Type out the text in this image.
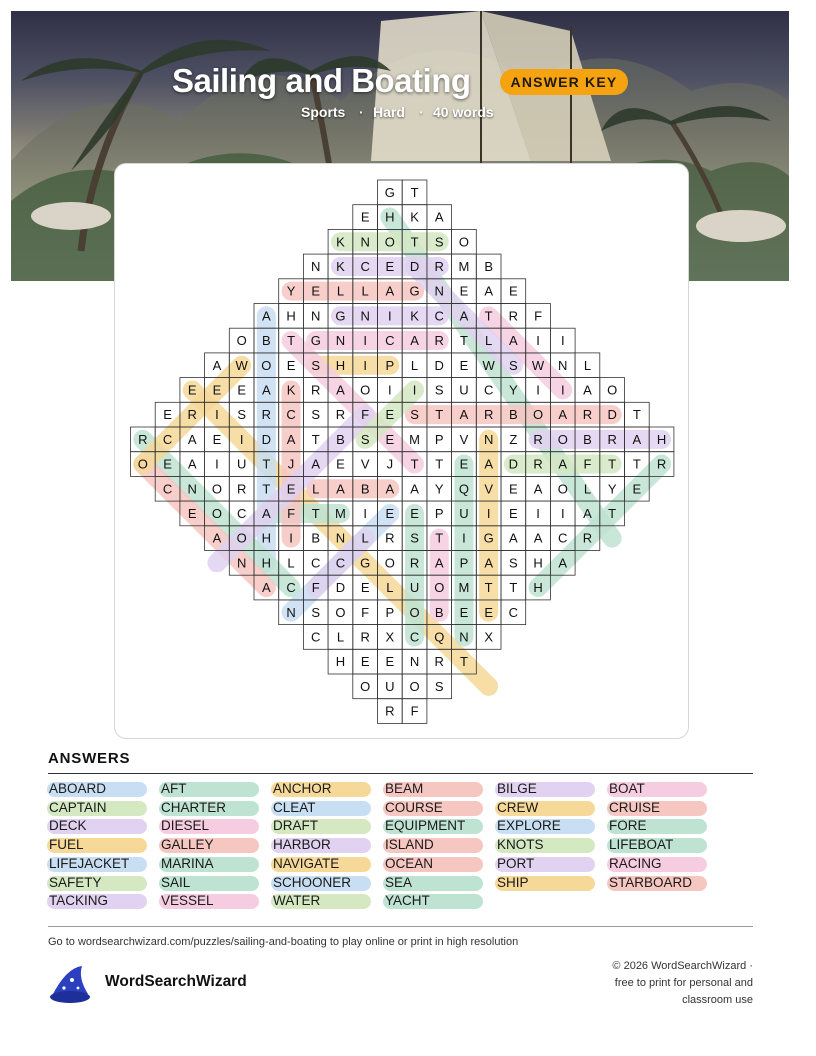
Sailing and Boating	ANSWER KEY
Sports · Hard · 40 words
G T
E H K A
K N O T S O
N K C E D R M B
Y E L L A G N E A E
A H N G N I K C A T R F
O B T G N I C A R T L A I I
A W O E S H I P L D E W S W N L
E E E A K R A O I I S U C Y I I A O
E R I S R C S R F E S T A R B O A R D T
R C A E I D A T B S E M P V N Z R O B R A H
O E A I U T J A E V J T T E A D R A F T T R
C N O R T E L A B A A Y Q V E A O L Y E
E O C A F T M I E E P U I E I I A T
A O H I B N L R S T I G A A C R
N H L C C G O R A P A S H A
A C F D E L U O M T T H
N S O F P O B E E C
C L R X C Q N X
H E E N R T
O U O S
R F
ANSWERS
ABOARD	AFT	ANCHOR	BEAM	BILGE	BOAT
CAPTAIN	CHARTER	CLEAT	COURSE	CREW	CRUISE
DECK	DIESEL	DRAFT	EQUIPMENT EXPLORE	FORE
FUEL	GALLEY	HARBOR	ISLAND	KNOTS	LIFEBOAT
LIFEJACKET MARINA	NAVIGATE	OCEAN	PORT	RACING
SAFETY	SAIL	SCHOONER	SEA	SHIP	STARBOARD
TACKING	VESSEL	WATER	YACHT
Go to wordsearchwizard.com/puzzles/sailing-and-boating to play online or print in high resolution
WordSearchWizard
© 2026 WordSearchWizard ·
free to print for personal and
classroom use
